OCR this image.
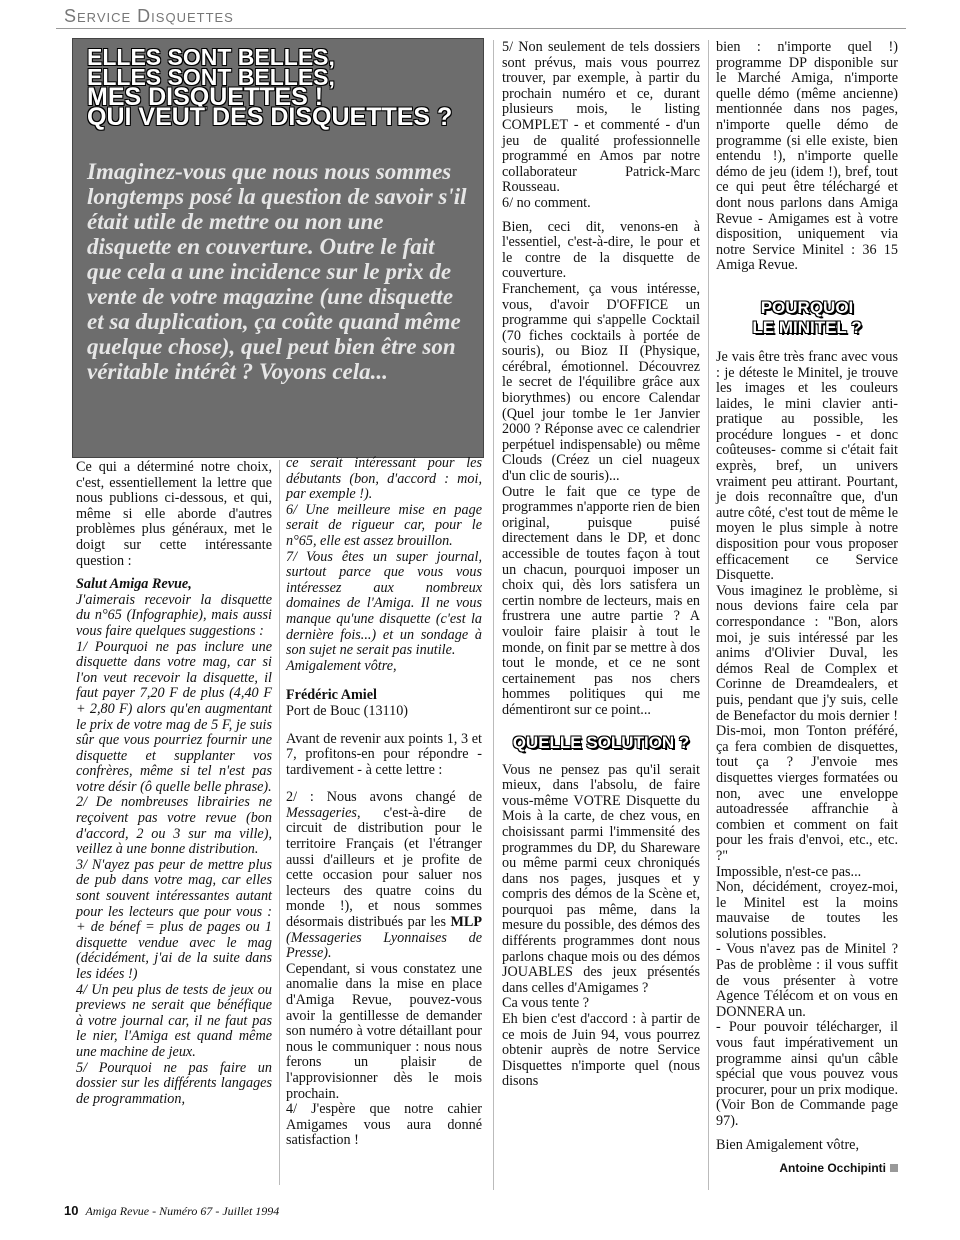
Service Disquettes
ELLES SONT BELLES,
ELLES SONT BELLES,
MES DISQUETTES !
QUI VEUT DES DISQUETTES ?
Imaginez-vous que nous nous sommes longtemps posé la question de savoir s'il était utile de mettre ou non une disquette en couverture. Outre le fait que cela a une incidence sur le prix de vente de votre magazine (une disquette et sa duplication, ça coûte quand même quelque chose), quel peut bien être son véritable intérêt ? Voyons cela...

Ce qui a déterminé notre choix, c'est, essentiellement la lettre que nous publions ci-dessous, et qui, même si elle aborde d'autres problèmes plus généraux, met le doigt sur cette intéressante question :

Salut Amiga Revue,

J'aimerais recevoir la disquette du n°65 (Infographie), mais aussi vous faire quelques suggestions :

1/ Pourquoi ne pas inclure une disquette dans votre mag, car si l'on veut recevoir la disquette, il faut payer 7,20 F de plus (4,40 F + 2,80 F) alors qu'en augmentant le prix de votre mag de 5 F, je suis sûr que vous pourriez fournir une disquette et supplanter vos confrères, même si tel n'est pas votre désir (ô quelle belle phrase).

2/ De nombreuses librairies ne reçoivent pas votre revue (bon d'accord, 2 ou 3 sur ma ville), veillez à une bonne distribution.

3/ N'ayez pas peur de mettre plus de pub dans votre mag, car elles sont souvent intéressantes autant pour les lecteurs que pour vous : + de bénef = plus de pages ou 1 disquette vendue avec le mag (décidément, j'ai de la suite dans les idées !)

4/ Un peu plus de tests de jeux ou previews ne serait que bénéfique à votre journal car, il ne faut pas le nier, l'Amiga est quand même une machine de jeux.

5/ Pourquoi ne pas faire un dossier sur les différents langages de programmation,

ce serait intéressant pour les débutants (bon, d'accord : moi, par exemple !).

6/ Une meilleure mise en page serait de rigueur car, pour le n°65, elle est assez brouillon.

7/ Vous êtes un super journal, surtout parce que vous vous intéressez aux nombreux domaines de l'Amiga. Il ne vous manque qu'une disquette (c'est la dernière fois...) et un sondage à son sujet ne serait pas inutile.

Amigalement vôtre,

Frédéric Amiel

Port de Bouc (13110)

Avant de revenir aux points 1, 3 et 7, profitons-en pour répondre - tardivement - à cette lettre :

2/ : Nous avons changé de Messageries, c'est-à-dire de circuit de distribution pour le territoire Français (et l'étranger aussi d'ailleurs et je profite de cette occasion pour saluer nos lecteurs des quatre coins du monde !), et nous sommes désormais distribués par les MLP (Messageries Lyonnaises de Presse).

Cependant, si vous constatez une anomalie dans la mise en place d'Amiga Revue, pouvez-vous avoir la gentillesse de demander son numéro à votre détaillant pour nous le communiquer : nous nous ferons un plaisir de l'approvisionner dès le mois prochain.

4/ J'espère que notre cahier Amigames vous aura donné satisfaction !

5/ Non seulement de tels dossiers sont prévus, mais vous pourrez trouver, par exemple, à partir du prochain numéro et ce, durant plusieurs mois, le listing COMPLET - et commenté - d'un jeu de qualité professionnelle programmé en Amos par notre collaborateur Patrick-Marc Rousseau.

6/ no comment.

Bien, ceci dit, venons-en à l'essentiel, c'est-à-dire, le pour et le contre de la disquette de couverture.

Franchement, ça vous intéresse, vous, d'avoir D'OFFICE un programme qui s'appelle Cocktail (70 fiches cocktails à portée de souris), ou Bioz II (Physique, cérébral, émotionnel. Découvrez le secret de l'équilibre grâce aux biorythmes) ou encore Calendar (Quel jour tombe le 1er Janvier 2000 ? Réponse avec ce calendrier perpétuel indispensable) ou même Clouds (Créez un ciel nuageux d'un clic de souris)...

Outre le fait que ce type de programmes n'apporte rien de bien original, puisque puisé directement dans le DP, et donc accessible de toutes façon à tout un chacun, pourquoi imposer un choix qui, dès lors satisfera un certin nombre de lecteurs, mais en frustrera une autre partie ? A vouloir faire plaisir à tout le monde, on finit par se mettre à dos tout le monde, et ce ne sont certainement pas nos chers hommes politiques qui me démentiront sur ce point...

QUELLE SOLUTION ?

Vous ne pensez pas qu'il serait mieux, dans l'absolu, de faire vous-même VOTRE Disquette du Mois à la carte, de chez vous, en choisissant parmi l'immensité des programmes du DP, du Shareware ou même parmi ceux chroniqués dans nos pages, jusques et y compris des démos de la Scène et, pourquoi pas même, dans la mesure du possible, des démos des différents programmes dont nous parlons chaque mois ou des démos JOUABLES des jeux présentés dans celles d'Amigames ?

Ca vous tente ?

Eh bien c'est d'accord : à partir de ce mois de Juin 94, vous pourrez obtenir auprès de notre Service Disquettes n'importe quel (nous disons

bien : n'importe quel !) programme DP disponible sur le Marché Amiga, n'importe quelle démo (même ancienne) mentionnée dans nos pages, n'importe quelle démo de programme (si elle existe, bien entendu !), n'importe quelle démo de jeu (idem !), bref, tout ce qui peut être téléchargé et dont nous parlons dans Amiga Revue - Amigames est à votre disposition, uniquement via notre Service Minitel : 36 15 Amiga Revue.

POURQUOI
LE MINITEL ?

Je vais être très franc avec vous : je déteste le Minitel, je trouve les images et les couleurs laides, le mini clavier anti-pratique au possible, les procédure longues - et donc coûteuses- comme si c'était fait exprès, bref, un univers vraiment peu attirant. Pourtant, je dois reconnaître que, d'un autre côté, c'est tout de même le moyen le plus simple à notre disposition pour vous proposer efficacement ce Service Disquette.

Vous imaginez le problème, si nous devions faire cela par correspondance : "Bon, alors moi, je suis intéressé par les anims d'Olivier Duval, les démos Real de Complex et Corinne de Dreamdealers, et puis, pendant que j'y suis, celle de Benefactor du mois dernier ! Dis-moi, mon Tonton préféré, ça fera combien de disquettes, tout ça ? J'envoie mes disquettes vierges formatées ou non, avec une enveloppe autoadressée affranchie à combien et comment on fait pour les frais d'envoi, etc., etc. ?"

Impossible, n'est-ce pas...

Non, décidément, croyez-moi, le Minitel est la moins mauvaise de toutes les solutions possibles.

- Vous n'avez pas de Minitel ? Pas de problème : il vous suffit de vous présenter à votre Agence Télécom et on vous en DONNERA un.

- Pour pouvoir télécharger, il vous faut impérativement un programme ainsi qu'un câble spécial que vous pouvez vous procurer, pour un prix modique. (Voir Bon de Commande page 97).

Bien Amigalement vôtre,

Antoine Occhipinti
10 Amiga Revue - Numéro 67 - Juillet 1994
